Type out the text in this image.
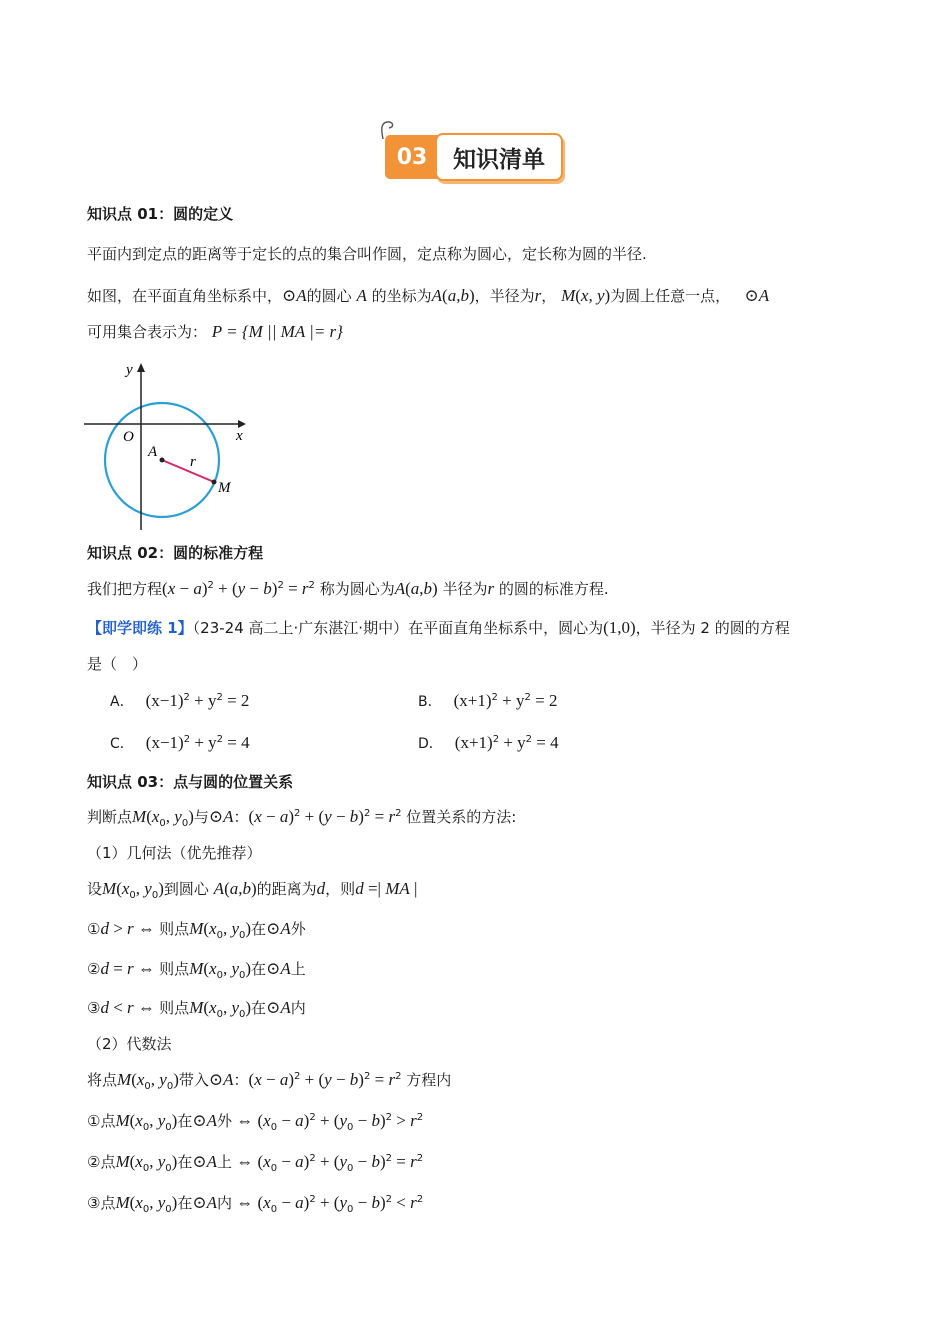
03	知识清单
知识点 01：圆的定义
平面内到定点的距离等于定长的点的集合叫作圆，定点称为圆心，定长称为圆的半径.
如图，在平面直角坐标系中，⊙A的圆心 A 的坐标为A(a,b)，半径为r， M(x, y)为圆上任意一点， ⊙A
可用集合表示为： P = {M || MA |= r}
y
x
O
A
r
M
知识点 02：圆的标准方程
我们把方程$(x - a)^2 + (y - b)^2 = r^2$ 称为圆心为A(a,b) 半径为r 的圆的标准方程.
【即学即练 1】（23-24 高二上·广东湛江·期中）在平面直角坐标系中，圆心为(1,0)，半径为 2 的圆的方程
是（　）
A． $(x-1)^2 + y^2 = 2$	B． $(x+1)^2 + y^2 = 2$
C． $(x-1)^2 + y^2 = 4$	D． $(x+1)^2 + y^2 = 4$
知识点 03：点与圆的位置关系
判断点$M(x_0$, $y_0$)与⊙A：$(x - a)^2 + (y - b)^2 = r^2$ 位置关系的方法:
（1）几何法（优先推荐）
设$M(x_0$, $y_0$)到圆心 A(a,b)的距离为d，则d =| MA |
①d > r ⇔ 则点$M(x_0$, $y_0$)在⊙A外
②d = r ⇔ 则点$M(x_0$, $y_0$)在⊙A上
③d < r ⇔ 则点$M(x_0$, $y_0$)在⊙A内
（2）代数法
将点$M(x_0$, $y_0$)带入⊙A：$(x - a)^2 + (y - b)^2 = r^2$ 方程内
①点$M(x_0$, $y_0$)在⊙A外 ⇔ $(x_0 - a)^2 + (y_0 - b)^2 > r^2$
②点$M(x_0$, $y_0$)在⊙A上 ⇔ $(x_0 - a)^2 + (y_0 - b)^2 = r^2$
③点$M(x_0$, $y_0$)在⊙A内 ⇔ $(x_0 - a)^2 + (y_0 - b)^2 < r^2$
